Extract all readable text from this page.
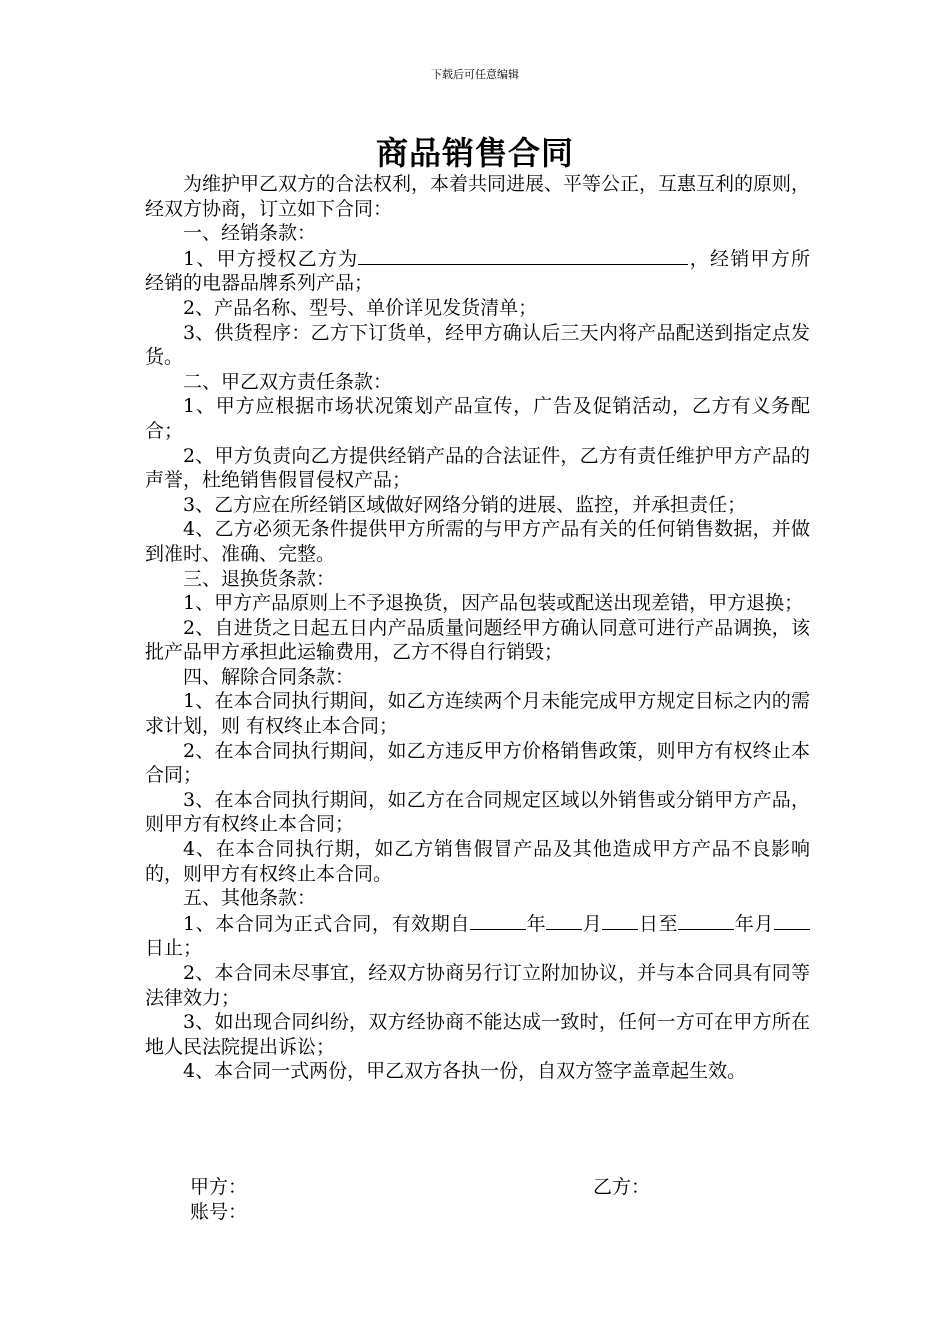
下载后可任意编辑
商品销售合同

为维护甲乙双方的合法权利，本着共同进展、平等公正，互惠互利的原则，经双方协商，订立如下合同：

一、经销条款：

1、甲方授权乙方为	，经销甲方所经销的电器品牌系列产品；

2、产品名称、型号、单价详见发货清单；

3、供货程序：乙方下订货单，经甲方确认后三天内将产品配送到指定点发货。

二、甲乙双方责任条款：

1、甲方应根据市场状况策划产品宣传，广告及促销活动，乙方有义务配合；

2、甲方负责向乙方提供经销产品的合法证件，乙方有责任维护甲方产品的声誉，杜绝销售假冒侵权产品；

3、乙方应在所经销区域做好网络分销的进展、监控，并承担责任；

4、乙方必须无条件提供甲方所需的与甲方产品有关的任何销售数据，并做到准时、准确、完整。

三、退换货条款：

1、甲方产品原则上不予退换货，因产品包装或配送出现差错，甲方退换；

2、自进货之日起五日内产品质量问题经甲方确认同意可进行产品调换，该批产品甲方承担此运输费用，乙方不得自行销毁；

四、解除合同条款：

1、在本合同执行期间，如乙方连续两个月未能完成甲方规定目标之内的需求计划，则 有权终止本合同；

2、在本合同执行期间，如乙方违反甲方价格销售政策，则甲方有权终止本合同；

3、在本合同执行期间，如乙方在合同规定区域以外销售或分销甲方产品，则甲方有权终止本合同；

4、在本合同执行期，如乙方销售假冒产品及其他造成甲方产品不良影响的，则甲方有权终止本合同。

五、其他条款：

1、本合同为正式合同，有效期自	年 月 日至	年月日止；

2、本合同未尽事宜，经双方协商另行订立附加协议，并与本合同具有同等法律效力；

3、如出现合同纠纷，双方经协商不能达成一致时，任何一方可在甲方所在地人民法院提出诉讼；

4、本合同一式两份，甲乙双方各执一份，自双方签字盖章起生效。

甲方：	乙方：
账号：
